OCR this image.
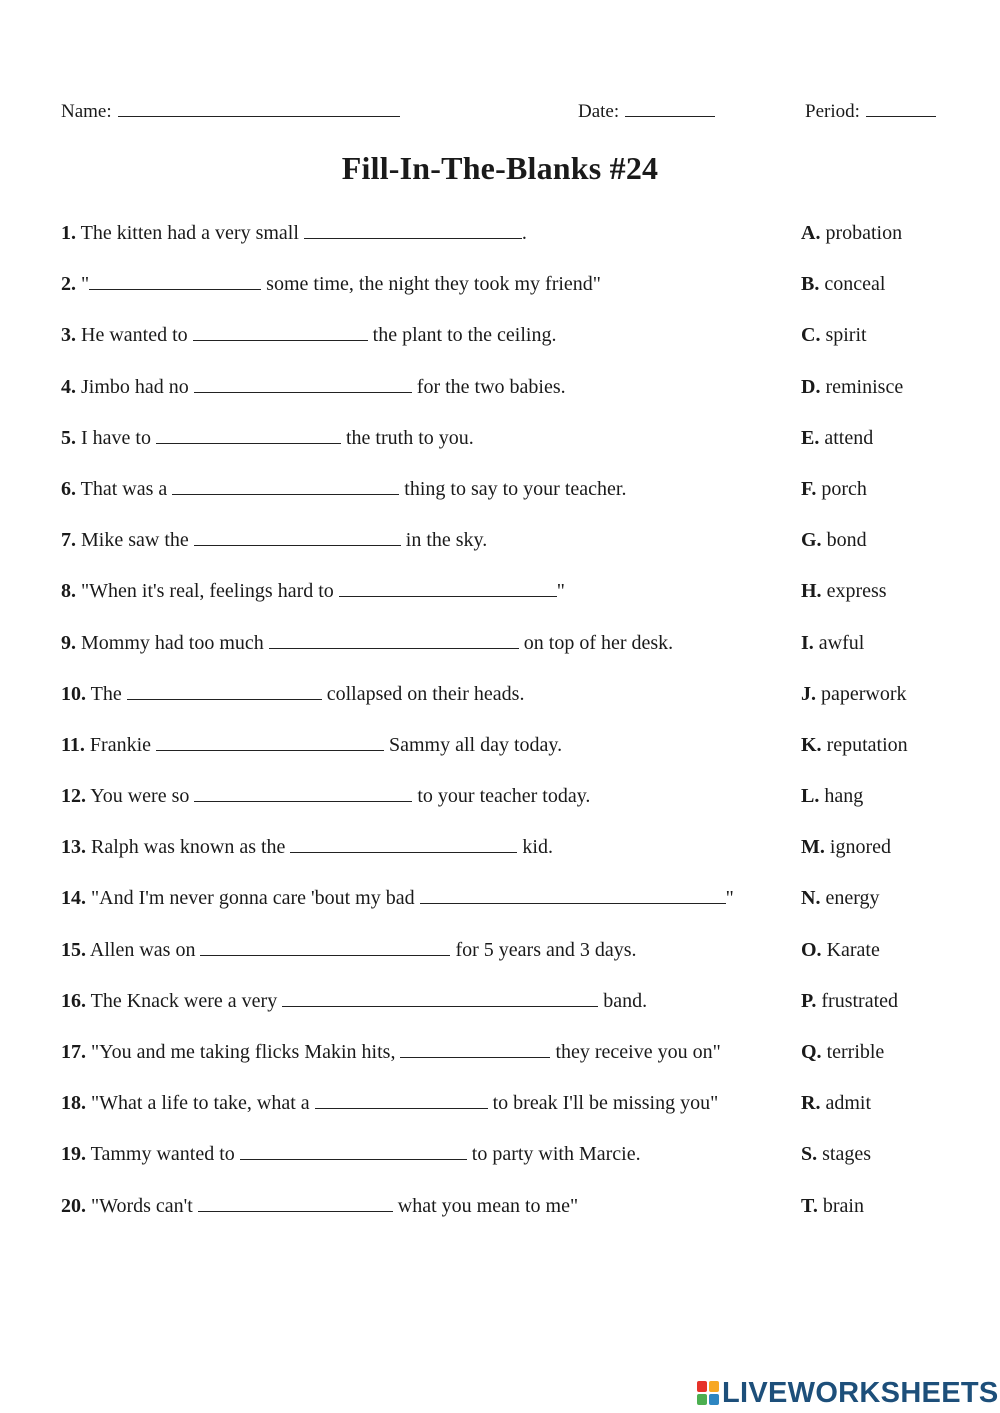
Name:	Date:	Period:
Fill-In-The-Blanks #24
1. The kitten had a very small	.
2. "	some time, the night they took my friend"
3. He wanted to	the plant to the ceiling.
4. Jimbo had no	for the two babies.
5. I have to	the truth to you.
6. That was a	thing to say to your teacher.
7. Mike saw the	in the sky.
8. "When it's real, feelings hard to	"
9. Mommy had too much	on top of her desk.
10. The	collapsed on their heads.
11. Frankie	Sammy all day today.
12. You were so	to your teacher today.
13. Ralph was known as the	kid.
14. "And I'm never gonna care 'bout my bad	"
15. Allen was on	for 5 years and 3 days.
16. The Knack were a very	band.
17. "You and me taking flicks Makin hits,	they receive you on"
18. "What a life to take, what a	to break I'll be missing you"
19. Tammy wanted to	to party with Marcie.
20. "Words can't	what you mean to me"
A. probation
B. conceal
C. spirit
D. reminisce
E. attend
F. porch
G. bond
H. express
I. awful
J. paperwork
K. reputation
L. hang
M. ignored
N. energy
O. Karate
P. frustrated
Q. terrible
R. admit
S. stages
T. brain
LIVEWORKSHEETS
